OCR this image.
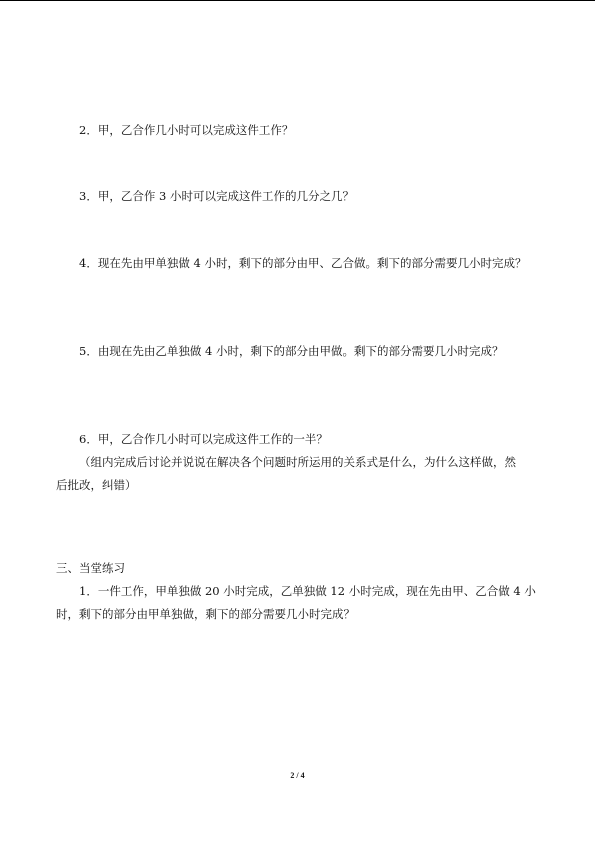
2．甲，乙合作几小时可以完成这件工作？

3．甲，乙合作 3 小时可以完成这件工作的几分之几？

4．现在先由甲单独做 4 小时，剩下的部分由甲、乙合做。剩下的部分需要几小时完成？

5．由现在先由乙单独做 4 小时，剩下的部分由甲做。剩下的部分需要几小时完成？

6．甲，乙合作几小时可以完成这件工作的一半？

（组内完成后讨论并说说在解决各个问题时所运用的关系式是什么，为什么这样做，然

后批改，纠错）

三、当堂练习

1．一件工作，甲单独做 20 小时完成，乙单独做 12 小时完成，现在先由甲、乙合做 4 小

时，剩下的部分由甲单独做，剩下的部分需要几小时完成？

2 / 4
